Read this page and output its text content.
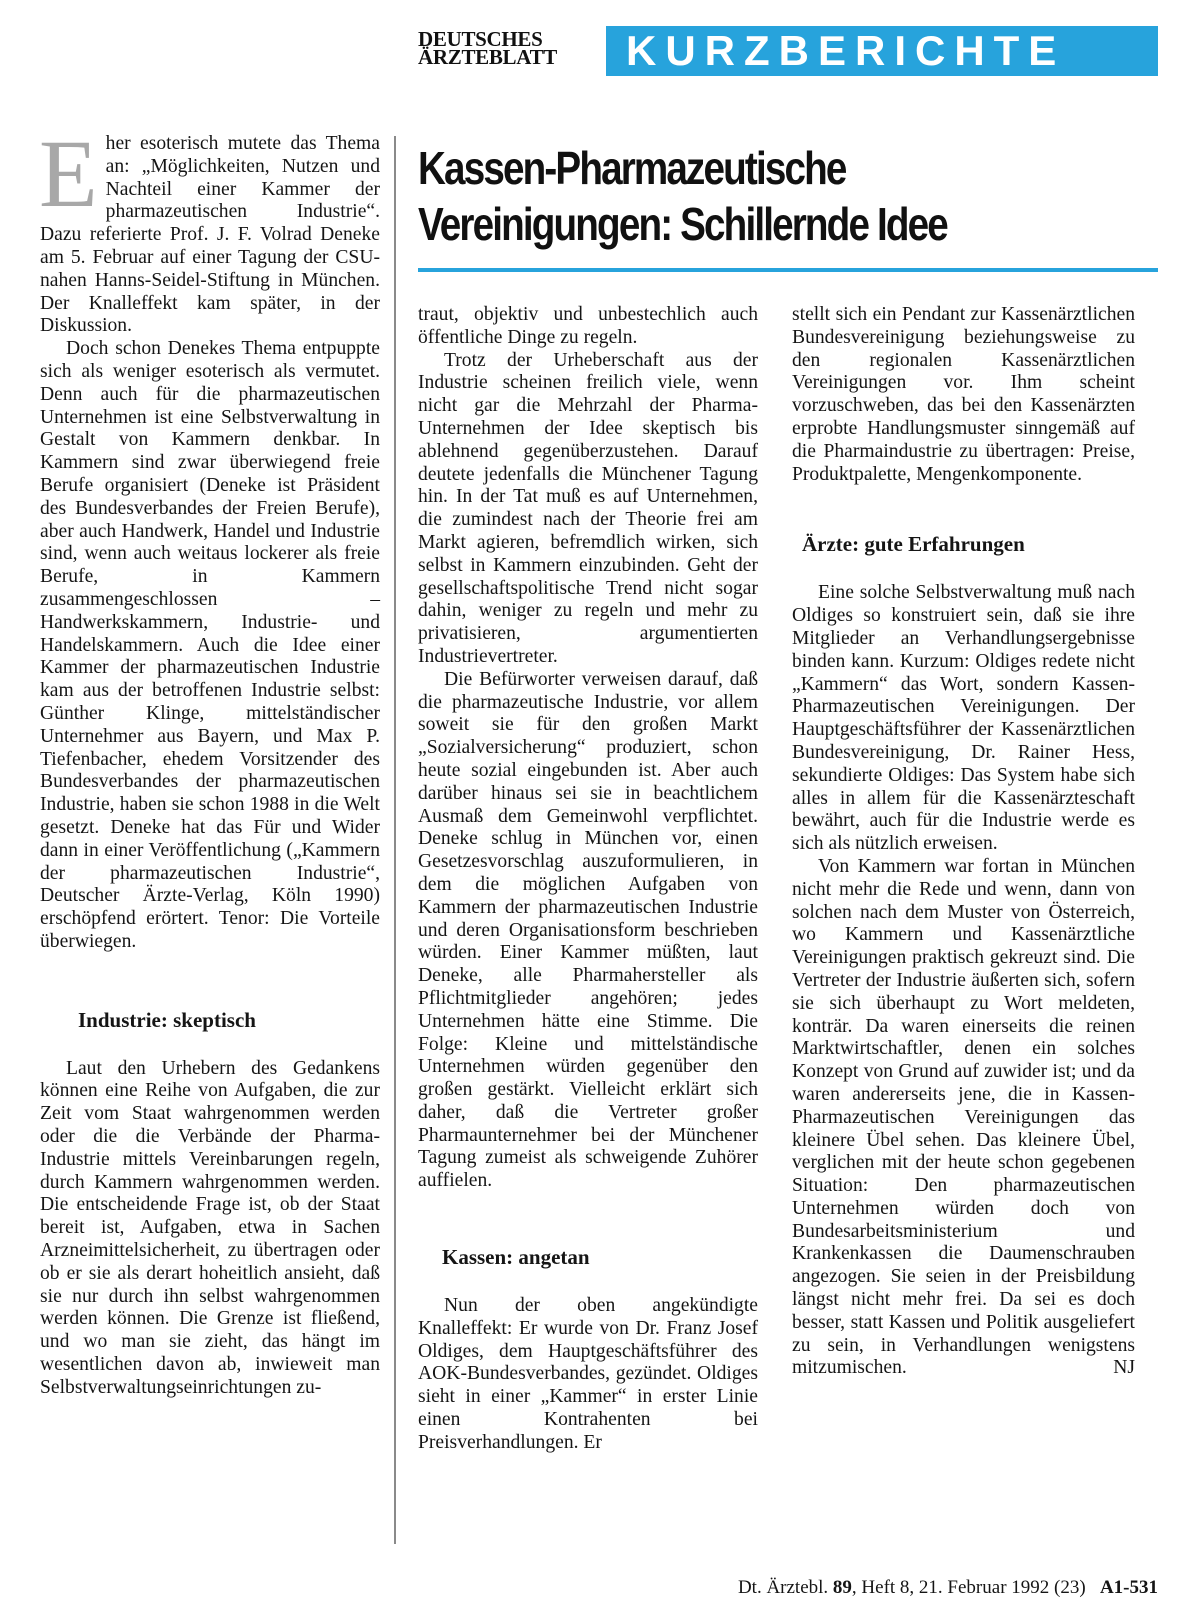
DEUTSCHES
ÄRZTEBLATT	KURZBERICHTE
Kassen-Pharmazeutische
Vereinigungen: Schillernde Idee
E her esoterisch mutete das Thema an: „Möglichkeiten, Nutzen und Nachteil einer Kammer der pharmazeutischen Industrie“. Dazu referierte Prof. J. F. Volrad Deneke am 5. Februar auf einer Tagung der CSU-nahen Hanns-Seidel-Stiftung in München. Der Knalleffekt kam später, in der Diskussion.

Doch schon Denekes Thema entpuppte sich als weniger esoterisch als vermutet. Denn auch für die pharmazeutischen Unternehmen ist eine Selbstverwaltung in Gestalt von Kammern denkbar. In Kammern sind zwar überwiegend freie Berufe organisiert (Deneke ist Präsident des Bundesverbandes der Freien Berufe), aber auch Handwerk, Handel und Industrie sind, wenn auch weitaus lockerer als freie Berufe, in Kammern zusammengeschlossen – Handwerkskammern, Industrie- und Handelskammern. Auch die Idee einer Kammer der pharmazeutischen Industrie kam aus der betroffenen Industrie selbst: Günther Klinge, mittelständischer Unternehmer aus Bayern, und Max P. Tiefenbacher, ehedem Vorsitzender des Bundesverbandes der pharmazeutischen Industrie, haben sie schon 1988 in die Welt gesetzt. Deneke hat das Für und Wider dann in einer Veröffentlichung („Kammern der pharmazeutischen Industrie“, Deutscher Ärzte-Verlag, Köln 1990) erschöpfend erörtert. Tenor: Die Vorteile überwiegen.

Industrie: skeptisch

Laut den Urhebern des Gedankens können eine Reihe von Aufgaben, die zur Zeit vom Staat wahrgenommen werden oder die die Verbände der Pharma-Industrie mittels Vereinbarungen regeln, durch Kammern wahrgenommen werden. Die entscheidende Frage ist, ob der Staat bereit ist, Aufgaben, etwa in Sachen Arzneimittelsicherheit, zu übertragen oder ob er sie als derart hoheitlich ansieht, daß sie nur durch ihn selbst wahrgenommen werden können. Die Grenze ist fließend, und wo man sie zieht, das hängt im wesentlichen davon ab, inwieweit man Selbstverwaltungseinrichtungen zu-

traut, objektiv und unbestechlich auch öffentliche Dinge zu regeln.

Trotz der Urheberschaft aus der Industrie scheinen freilich viele, wenn nicht gar die Mehrzahl der Pharma-Unternehmen der Idee skeptisch bis ablehnend gegenüberzustehen. Darauf deutete jedenfalls die Münchener Tagung hin. In der Tat muß es auf Unternehmen, die zumindest nach der Theorie frei am Markt agieren, befremdlich wirken, sich selbst in Kammern einzubinden. Geht der gesellschaftspolitische Trend nicht sogar dahin, weniger zu regeln und mehr zu privatisieren, argumentierten Industrievertreter.

Die Befürworter verweisen darauf, daß die pharmazeutische Industrie, vor allem soweit sie für den großen Markt „Sozialversicherung“ produziert, schon heute sozial eingebunden ist. Aber auch darüber hinaus sei sie in beachtlichem Ausmaß dem Gemeinwohl verpflichtet. Deneke schlug in München vor, einen Gesetzesvorschlag auszuformulieren, in dem die möglichen Aufgaben von Kammern der pharmazeutischen Industrie und deren Organisationsform beschrieben würden. Einer Kammer müßten, laut Deneke, alle Pharmahersteller als Pflichtmitglieder angehören; jedes Unternehmen hätte eine Stimme. Die Folge: Kleine und mittelständische Unternehmen würden gegenüber den großen gestärkt. Vielleicht erklärt sich daher, daß die Vertreter großer Pharmaunternehmer bei der Münchener Tagung zumeist als schweigende Zuhörer auffielen.

Kassen: angetan

Nun der oben angekündigte Knalleffekt: Er wurde von Dr. Franz Josef Oldiges, dem Hauptgeschäftsführer des AOK-Bundesverbandes, gezündet. Oldiges sieht in einer „Kammer“ in erster Linie einen Kontrahenten bei Preisverhandlungen. Er

stellt sich ein Pendant zur Kassenärztlichen Bundesvereinigung beziehungsweise zu den regionalen Kassenärztlichen Vereinigungen vor. Ihm scheint vorzuschweben, das bei den Kassenärzten erprobte Handlungsmuster sinngemäß auf die Pharmaindustrie zu übertragen: Preise, Produktpalette, Mengenkomponente.

Ärzte: gute Erfahrungen

Eine solche Selbstverwaltung muß nach Oldiges so konstruiert sein, daß sie ihre Mitglieder an Verhandlungsergebnisse binden kann. Kurzum: Oldiges redete nicht „Kammern“ das Wort, sondern Kassen-Pharmazeutischen Vereinigungen. Der Hauptgeschäftsführer der Kassenärztlichen Bundesvereinigung, Dr. Rainer Hess, sekundierte Oldiges: Das System habe sich alles in allem für die Kassenärzteschaft bewährt, auch für die Industrie werde es sich als nützlich erweisen.

Von Kammern war fortan in München nicht mehr die Rede und wenn, dann von solchen nach dem Muster von Österreich, wo Kammern und Kassenärztliche Vereinigungen praktisch gekreuzt sind. Die Vertreter der Industrie äußerten sich, sofern sie sich überhaupt zu Wort meldeten, konträr. Da waren einerseits die reinen Marktwirtschaftler, denen ein solches Konzept von Grund auf zuwider ist; und da waren andererseits jene, die in Kassen-Pharmazeutischen Vereinigungen das kleinere Übel sehen. Das kleinere Übel, verglichen mit der heute schon gegebenen Situation: Den pharmazeutischen Unternehmen würden doch von Bundesarbeitsministerium und Krankenkassen die Daumenschrauben angezogen. Sie seien in der Preisbildung längst nicht mehr frei. Da sei es doch besser, statt Kassen und Politik ausgeliefert zu sein, in Verhandlungen wenigstens mitzumischen.	NJ

Dt. Ärztebl. 89, Heft 8, 21. Februar 1992 (23) A1-531
